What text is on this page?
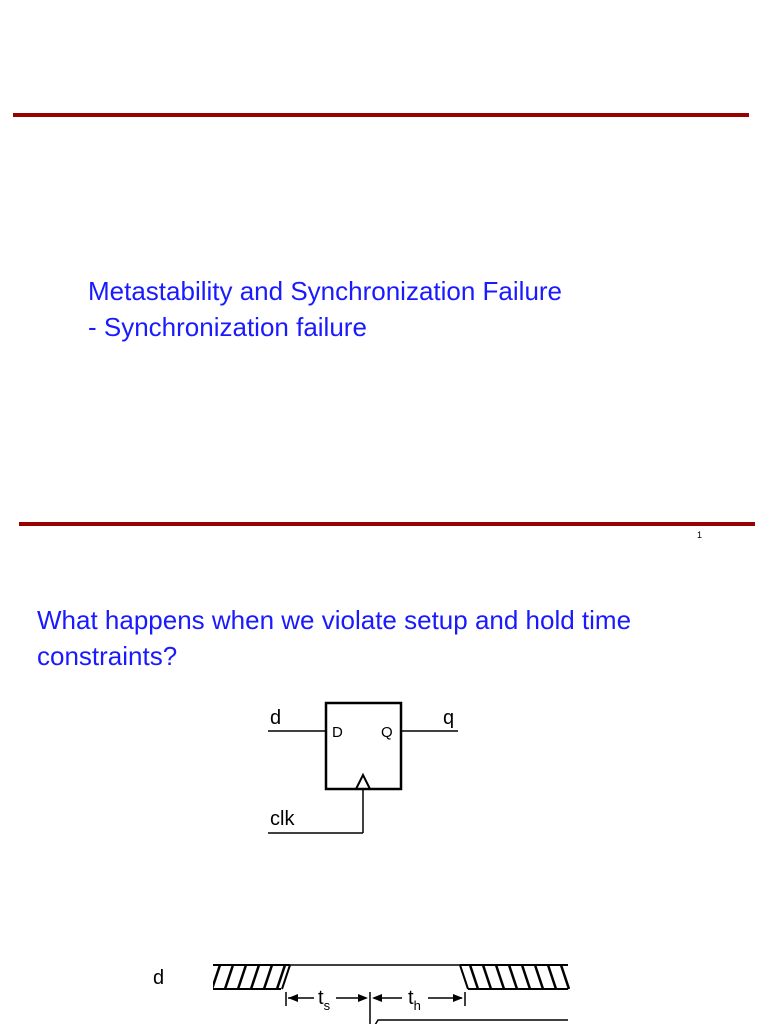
Metastability and Synchronization Failure
- Synchronization failure
1
What happens when we violate setup and hold time constraints?
d	q
clk
D	Q
d
$t_s$	$t_h$
